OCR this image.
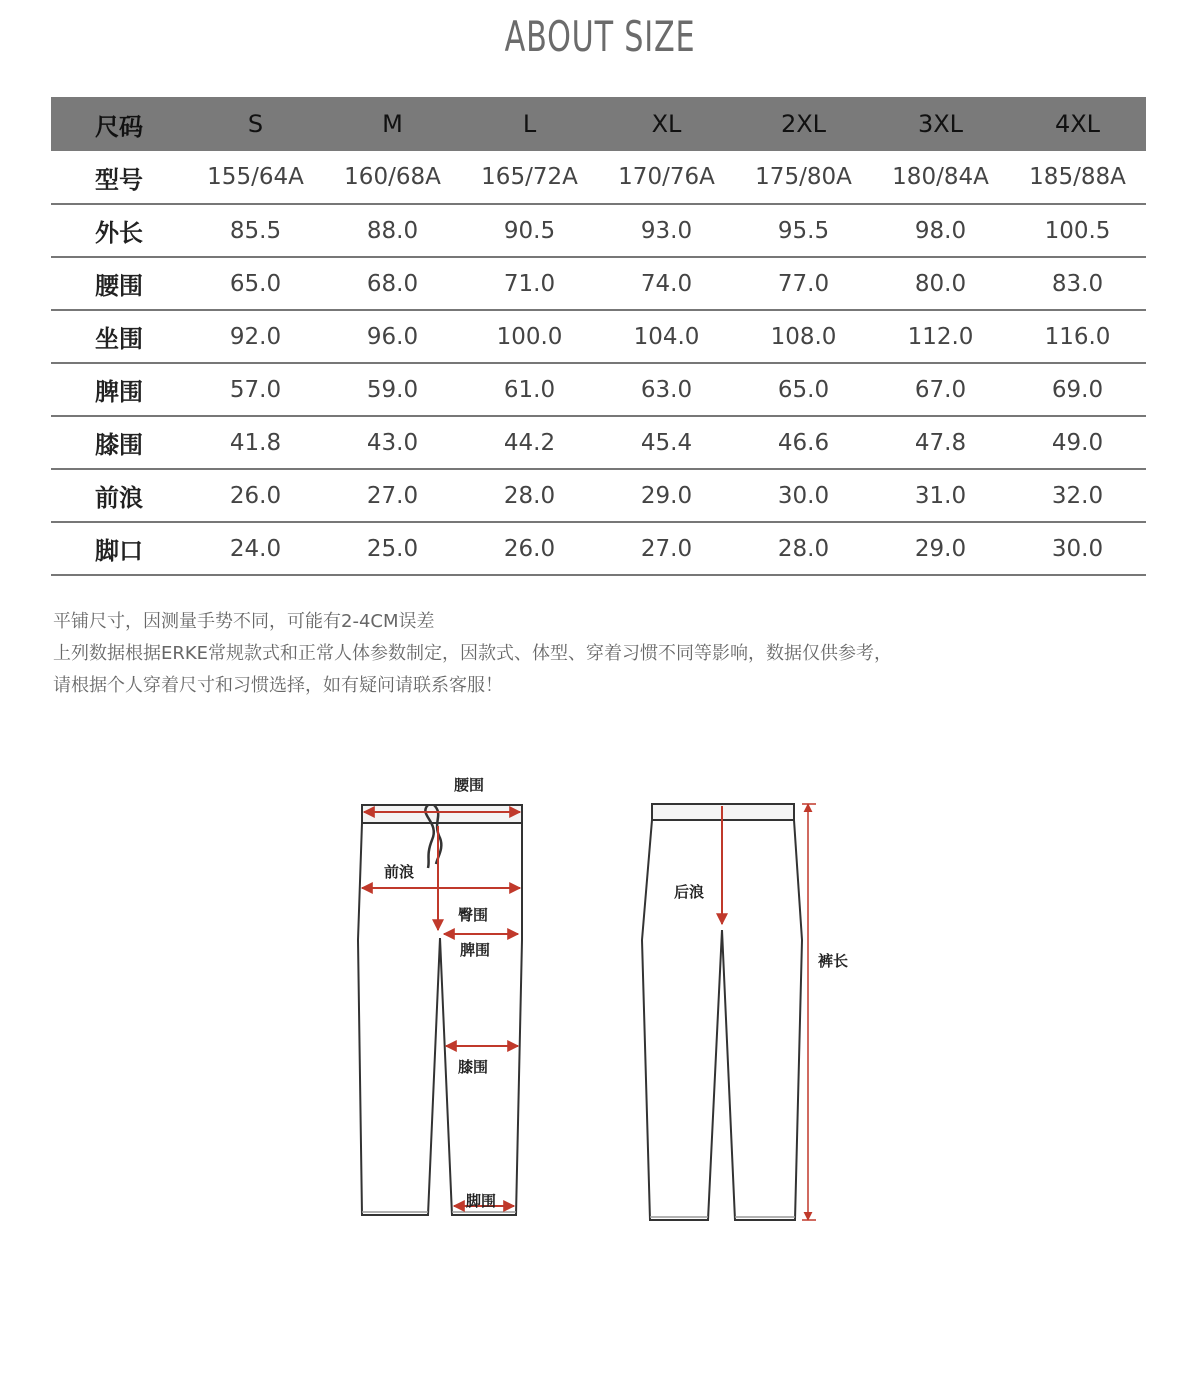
ABOUT SIZE
尺码	S	M	L	XL	2XL	3XL	4XL
型号	155/64A	160/68A	165/72A	170/76A	175/80A	180/84A	185/88A
外长	85.5	88.0	90.5	93.0	95.5	98.0	100.5
腰围	65.0	68.0	71.0	74.0	77.0	80.0	83.0
坐围	92.0	96.0	100.0	104.0	108.0	112.0	116.0
脾围	57.0	59.0	61.0	63.0	65.0	67.0	69.0
膝围	41.8	43.0	44.2	45.4	46.6	47.8	49.0
前浪	26.0	27.0	28.0	29.0	30.0	31.0	32.0
脚口	24.0	25.0	26.0	27.0	28.0	29.0	30.0

平铺尺寸，因测量手势不同，可能有2-4CM误差

上列数据根据ERKE常规款式和正常人体参数制定，因款式、体型、穿着习惯不同等影响，数据仅供参考，

请根据个人穿着尺寸和习惯选择，如有疑问请联系客服！

腰围
前浪
臀围
脾围
膝围
脚围
后浪
裤长
